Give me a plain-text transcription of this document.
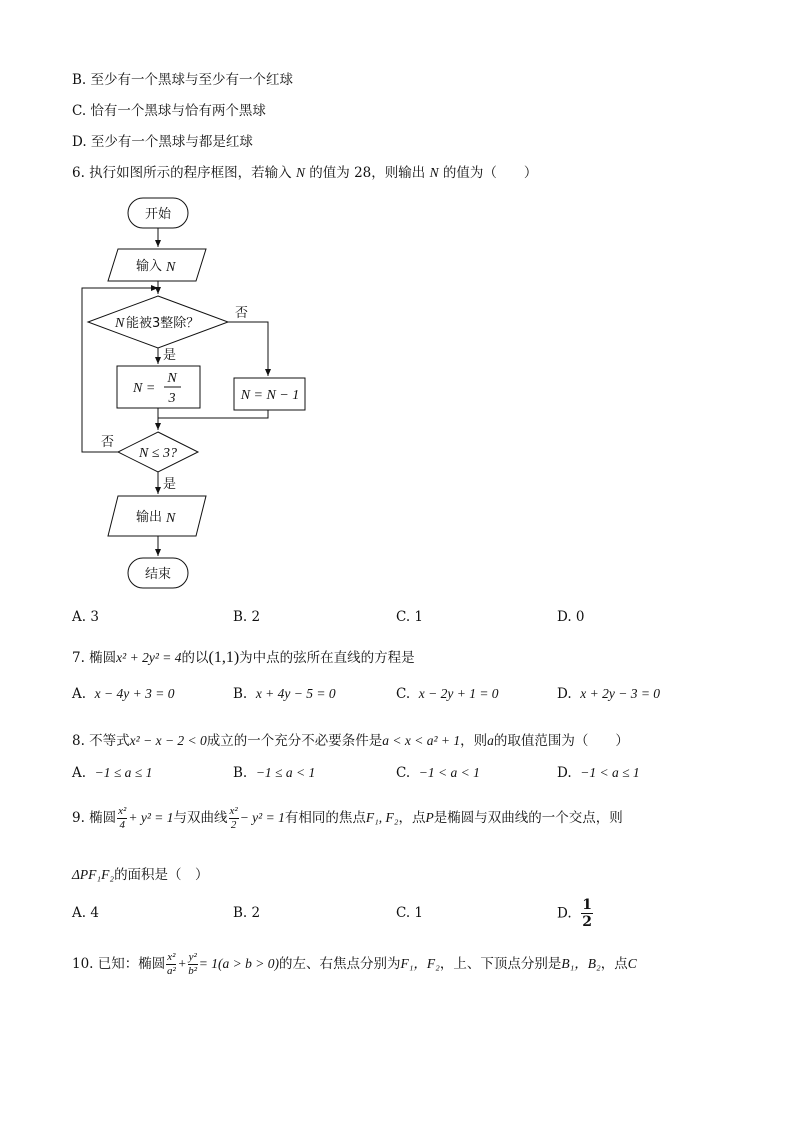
B. 至少有一个黑球与至少有一个红球
C. 恰有一个黑球与恰有两个黑球
D. 至少有一个黑球与都是红球
6. 执行如图所示的程序框图，若输入 N 的值为 28，则输出 N 的值为（　　）
开始
输入 N
N 能被3整除？
否
是
N =
N
3	N = N − 1
否
N ≤ 3?
是
输出 N
结束
A. 3	B. 2	C. 1	D. 0
7. 椭圆x² + 2y² = 4的以(1,1)为中点的弦所在直线的方程是
A. x − 4y + 3 = 0	B. x + 4y − 5 = 0	C. x − 2y + 1 = 0	D. x + 2y − 3 = 0
8. 不等式x² − x − 2 < 0成立的一个充分不必要条件是a < x < a² + 1，则a的取值范围为（　　）
A. −1 ≤ a ≤ 1	B. −1 ≤ a < 1	C. −1 < a < 1	D. −1 < a ≤ 1
9. 椭圆 $\frac{\text{x²}}{4} + y^2 = 1$与双曲线 $\frac{\text{x²}}{2} - y^2 = 1$有相同的焦点F₁, F₂，点P是椭圆与双曲线的一个交点，则
ΔPF₁F₂的面积是（　）
A. 4	B. 2	C. 1	D. $\frac{1}{2}$
10. 已知：椭圆 $\frac{\text{x²}}{\text{a²}} + \frac{\text{y²}}{\text{b²}} = 1(a > b > 0)$的左、右焦点分别为F₁，F₂，上、下顶点分别是B₁，B₂，点C
